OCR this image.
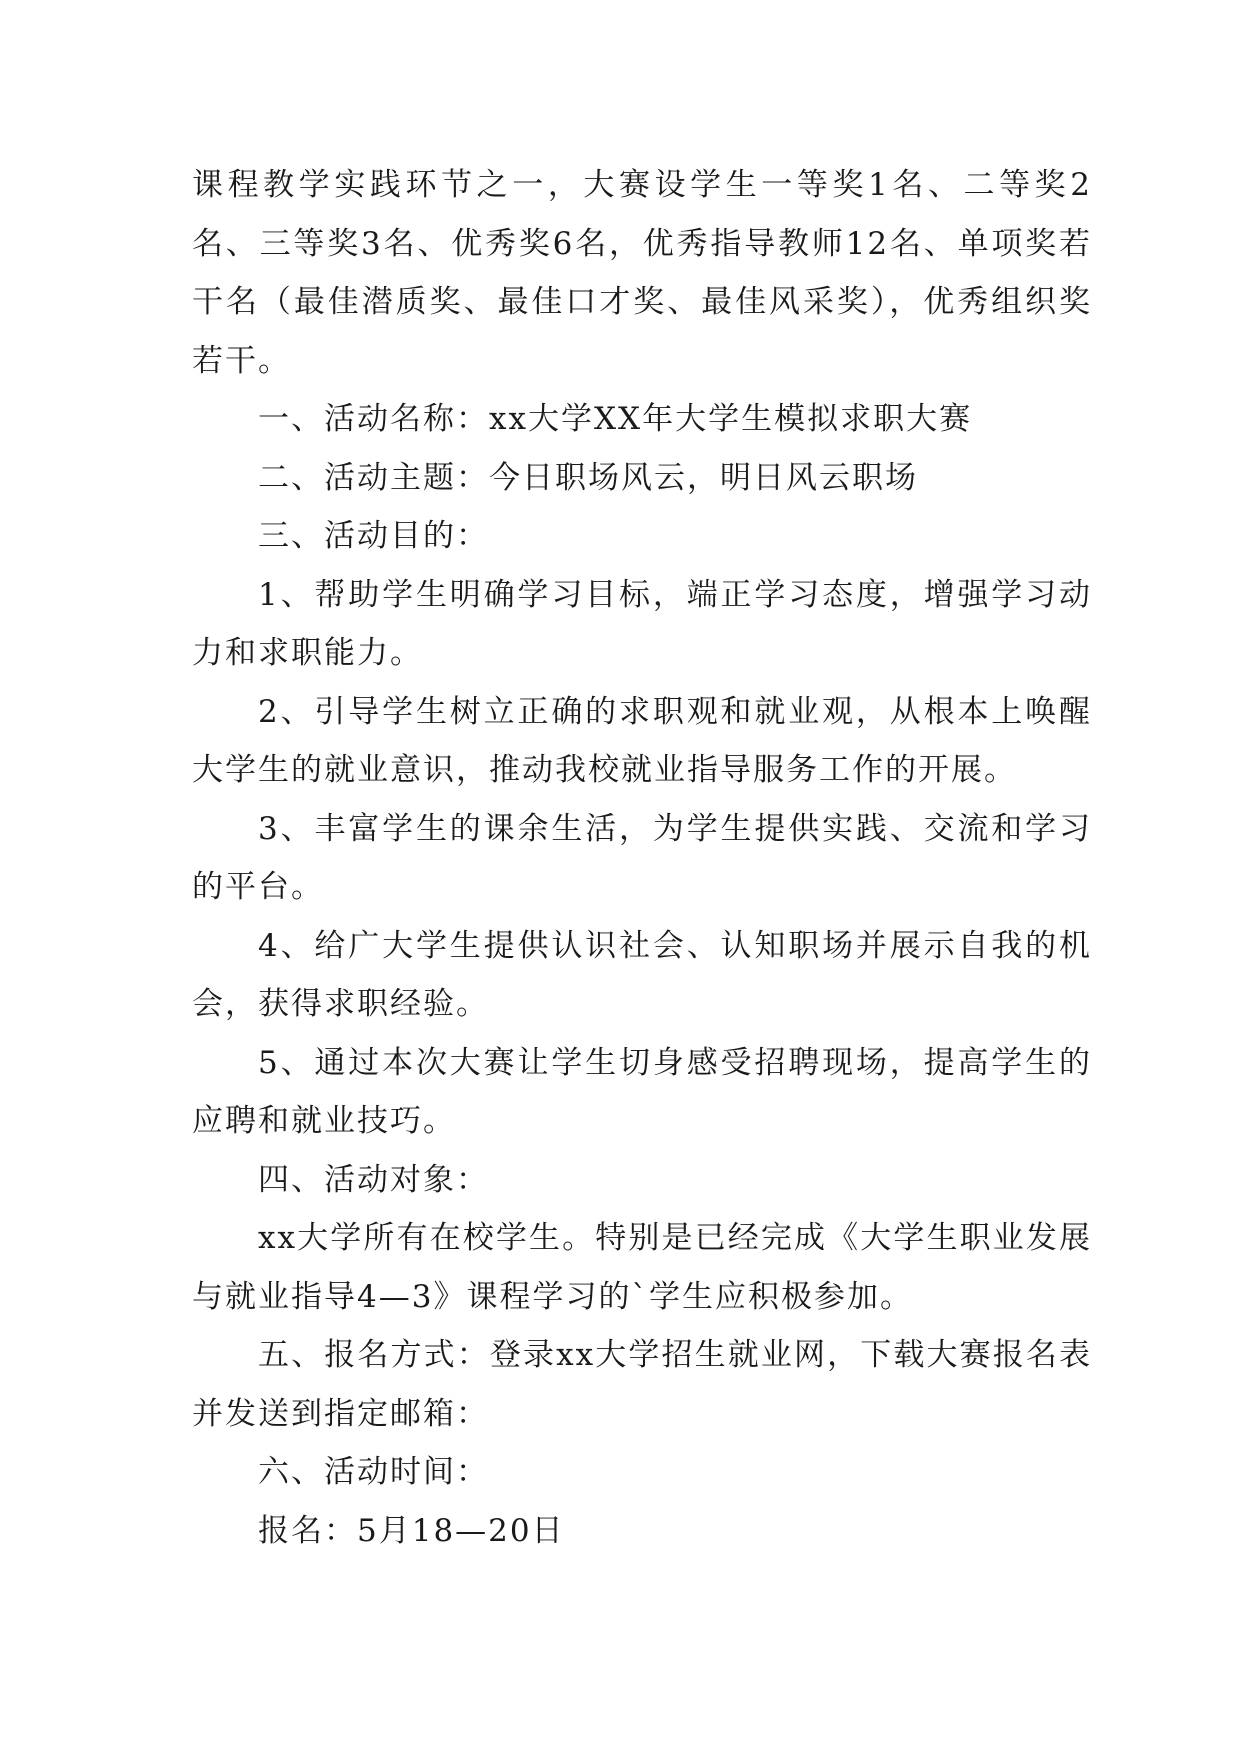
课程教学实践环节之一，大赛设学生一等奖1名、二等奖2名、三等奖3名、优秀奖6名，优秀指导教师12名、单项奖若干名（最佳潜质奖、最佳口才奖、最佳风采奖），优秀组织奖若干。

一、活动名称：xx大学XX年大学生模拟求职大赛

二、活动主题：今日职场风云，明日风云职场

三、活动目的：

1、帮助学生明确学习目标，端正学习态度，增强学习动力和求职能力。

2、引导学生树立正确的求职观和就业观，从根本上唤醒大学生的就业意识，推动我校就业指导服务工作的开展。

3、丰富学生的课余生活，为学生提供实践、交流和学习的平台。

4、给广大学生提供认识社会、认知职场并展示自我的机会，获得求职经验。

5、通过本次大赛让学生切身感受招聘现场，提高学生的应聘和就业技巧。

四、活动对象：

xx大学所有在校学生。特别是已经完成《大学生职业发展与就业指导4—3》课程学习的`学生应积极参加。

五、报名方式：登录xx大学招生就业网，下载大赛报名表并发送到指定邮箱：

六、活动时间：

报名：5月18—20日
